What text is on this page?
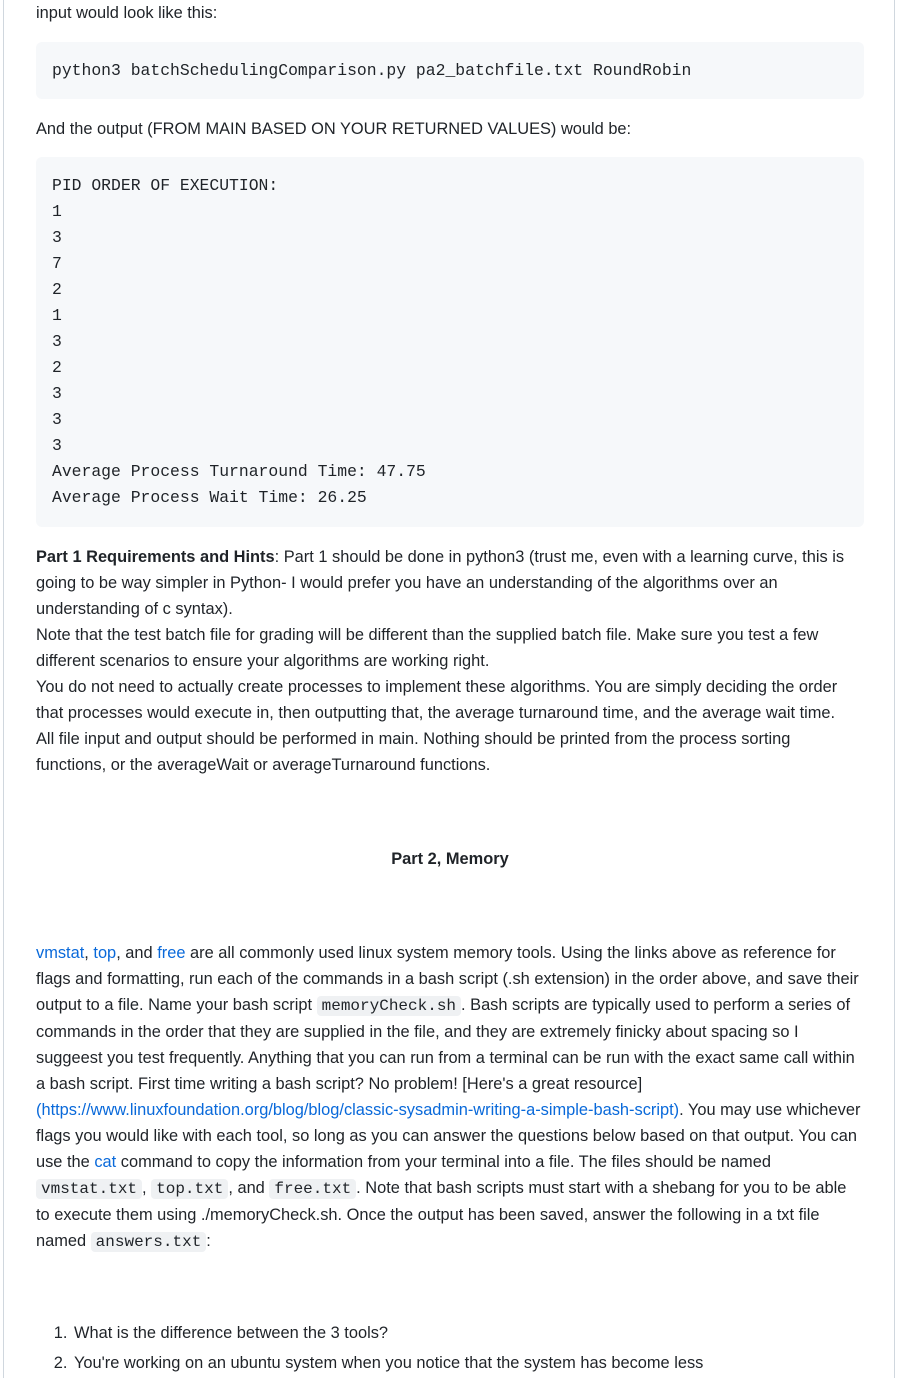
input would look like this:

python3 batchSchedulingComparison.py pa2_batchfile.txt RoundRobin

And the output (FROM MAIN BASED ON YOUR RETURNED VALUES) would be:

PID ORDER OF EXECUTION:
1
3
7
2
1
3
2
3
3
3
Average Process Turnaround Time: 47.75
Average Process Wait Time: 26.25

Part 1 Requirements and Hints: Part 1 should be done in python3 (trust me, even with a learning curve, this is going to be way simpler in Python- I would prefer you have an understanding of the algorithms over an understanding of c syntax).

Note that the test batch file for grading will be different than the supplied batch file. Make sure you test a few different scenarios to ensure your algorithms are working right.

You do not need to actually create processes to implement these algorithms. You are simply deciding the order that processes would execute in, then outputting that, the average turnaround time, and the average wait time.

All file input and output should be performed in main. Nothing should be printed from the process sorting functions, or the averageWait or averageTurnaround functions.

Part 2, Memory

vmstat, top, and free are all commonly used linux system memory tools. Using the links above as reference for flags and formatting, run each of the commands in a bash script (.sh extension) in the order above, and save their output to a file. Name your bash script memoryCheck.sh . Bash scripts are typically used to perform a series of commands in the order that they are supplied in the file, and they are extremely finicky about spacing so I suggeest you test frequently. Anything that you can run from a terminal can be run with the exact same call within a bash script. First time writing a bash script? No problem! [Here's a great resource](https://www.linuxfoundation.org/blog/blog/classic-sysadmin-writing-a-simple-bash-script). You may use whichever flags you would like with each tool, so long as you can answer the questions below based on that output. You can use the cat command to copy the information from your terminal into a file. The files should be named vmstat.txt , top.txt , and free.txt . Note that bash scripts must start with a shebang for you to be able to execute them using ./memoryCheck.sh. Once the output has been saved, answer the following in a txt file named answers.txt :

1. What is the difference between the 3 tools?
2. You're working on an ubuntu system when you notice that the system has become less
